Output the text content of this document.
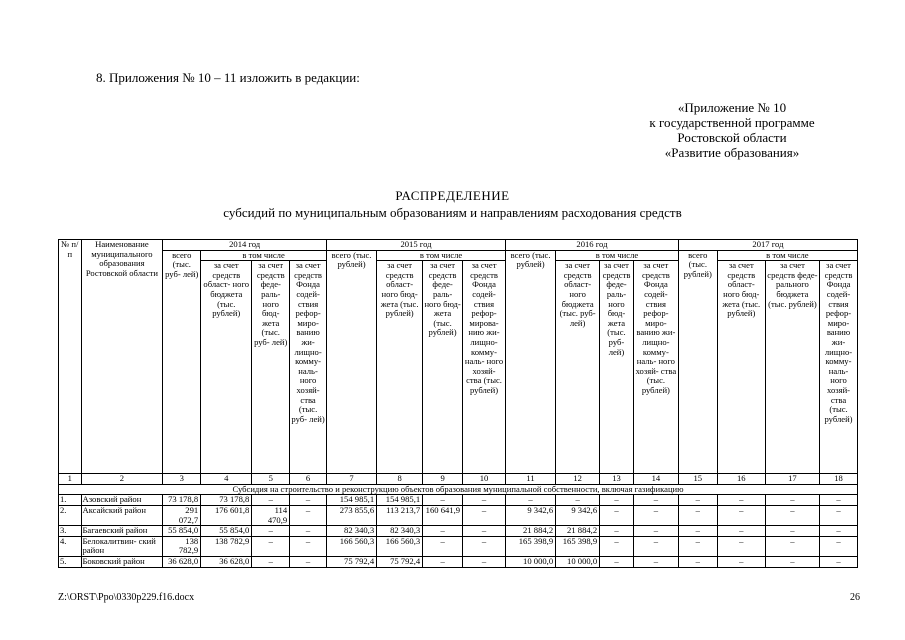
8. Приложения № 10 – 11 изложить в редакции:
«Приложение № 10
к государственной программе
Ростовской области
«Развитие образования»
РАСПРЕДЕЛЕНИЕ
субсидий по муниципальным образованиям и направлениям расходования средств
№ п/п	Наименование муниципального образования Ростовской области	2014 год				2015 год				2016 год				2017 год			
		всего (тыс. руб- лей)	в том числе			всего (тыс. рублей)	в том числе			всего (тыс. рублей)	в том числе			всего (тыс. рублей)	в том числе		
			за счет средств област- ного бюджета (тыс. рублей)	за счет средств феде- раль- ного бюд- жета (тыс. руб- лей)	за счет средств Фонда содей- ствия рефор- миро- ванию жи- лищно- комму- наль- ного хозяй- ства (тыс. руб- лей)		за счет средств област- ного бюд- жета (тыс. рублей)	за счет средств феде- раль- ного бюд- жета (тыс. рублей)	за счет средств Фонда содей- ствия рефор- мирова- нию жи- лищно- комму- наль- ного хозяй- ства (тыс. рублей)		за счет средств област- ного бюджета (тыс. руб- лей)	за счет средств феде- раль- ного бюд- жета (тыс. руб- лей)	за счет средств Фонда содей- ствия рефор- миро- ванию жи- лищно- комму- наль- ного хозяй- ства (тыс. рублей)		за счет средств област- ного бюд- жета (тыс. рублей)	за счет средств феде- рального бюджета (тыс. рублей)	за счет средств Фонда содей- ствия рефор- миро- ванию жи- лищно- комму- наль- ного хозяй- ства (тыс. рублей)
1	2	3	4	5	6	7	8	9	10	11	12	13	14	15	16	17	18
Субсидия на строительство и реконструкцию объектов образования муниципальной собственности, включая газификацию																	
1.	Азовский район	73 178,8	73 178,8	–	–	154 985,1	154 985,1	–	–	–	–	–	–	–	–	–	–
2.	Аксайский район	291 072,7	176 601,8	114 470,9	–	273 855,6	113 213,7	160 641,9	–	9 342,6	9 342,6	–	–	–	–	–	–
3.	Багаевский район	55 854,0	55 854,0	–	–	82 340,3	82 340,3	–	–	21 884,2	21 884,2	–	–	–	–	–	–
4.	Белокалитвин- ский район	138 782,9	138 782,9	–	–	166 560,3	166 560,3	–	–	165 398,9	165 398,9	–	–	–	–	–	–
5.	Боковский район	36 628,0	36 628,0	–	–	75 792,4	75 792,4	–	–	10 000,0	10 000,0	–	–	–	–	–	–
Z:\ORST\Ppo\0330p229.f16.docx	26
